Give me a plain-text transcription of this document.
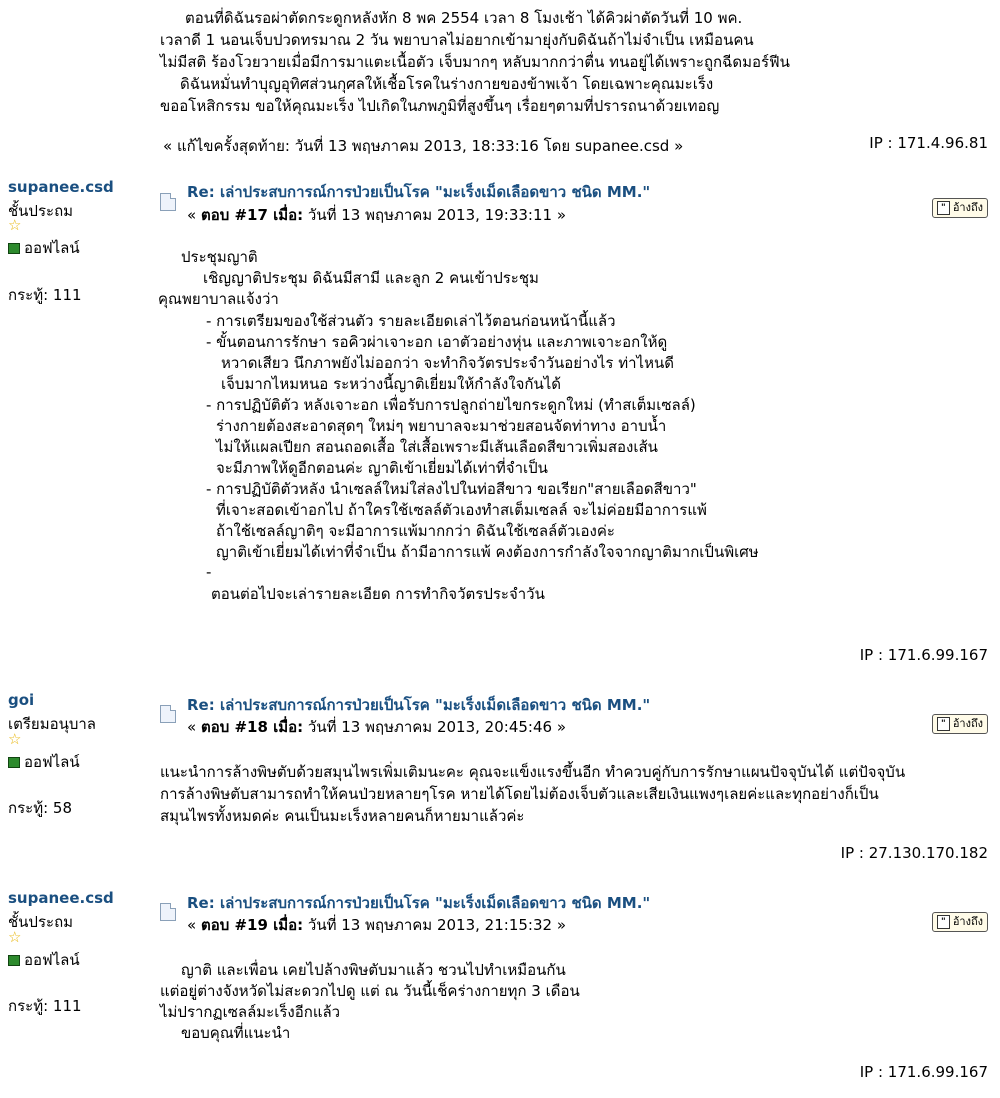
ตอนที่ดิฉันรอผ่าตัดกระดูกหลังหัก 8 พค 2554 เวลา 8 โมงเช้า ได้คิวผ่าตัดวันที่ 10 พค.
เวลาดี 1 นอนเจ็บปวดทรมาณ 2 วัน พยาบาลไม่อยากเข้ามายุ่งกับดิฉันถ้าไม่จำเป็น เหมือนคน
ไม่มีสติ ร้องโวยวายเมื่อมีการมาแตะเนื้อตัว เจ็บมากๆ หลับมากกว่าตื่น ทนอยู่ได้เพราะถูกฉีดมอร์ฟีน
ดิฉันหมั่นทำบุญอุทิศส่วนกุศลให้เชื้อโรคในร่างกายของข้าพเจ้า โดยเฉพาะคุณมะเร็ง
ขออโหสิกรรม ขอให้คุณมะเร็ง ไปเกิดในภพภูมิที่สูงขึ้นๆ เรื่อยๆตามที่ปรารถนาด้วยเทอญ
« แก้ไขครั้งสุดท้าย: วันที่ 13 พฤษภาคม 2013, 18:33:16 โดย supanee.csd »	IP : 171.4.96.81
supanee.csd
ชั้นประถม
☆
ออฟไลน์
กระทู้: 111
Re: เล่าประสบการณ์การป่วยเป็นโรค "มะเร็งเม็ดเลือดขาว ชนิด MM."
« ตอบ #17 เมื่อ: วันที่ 13 พฤษภาคม 2013, 19:33:11 »	" อ้างถึง
ประชุมญาติ
เชิญญาติประชุม ดิฉันมีสามี และลูก 2 คนเข้าประชุม
คุณพยาบาลแจ้งว่า
- การเตรียมของใช้ส่วนตัว รายละเอียดเล่าไว้ตอนก่อนหน้านี้แล้ว
- ขั้นตอนการรักษา รอคิวผ่าเจาะอก เอาตัวอย่างหุ่น และภาพเจาะอกให้ดู
หวาดเสียว นึกภาพยังไม่ออกว่า จะทำกิจวัตรประจำวันอย่างไร ท่าไหนดี
เจ็บมากไหมหนอ ระหว่างนี้ญาติเยี่ยมให้กำลังใจกันได้
- การปฏิบัติตัว หลังเจาะอก เพื่อรับการปลูกถ่ายไขกระดูกใหม่ (ทำสเต็มเซลล์)
ร่างกายต้องสะอาดสุดๆ ใหม่ๆ พยาบาลจะมาช่วยสอนจัดท่าทาง อาบน้ำ
ไม่ให้แผลเปียก สอนถอดเสื้อ ใส่เสื้อเพราะมีเส้นเลือดสีขาวเพิ่มสองเส้น
จะมีภาพให้ดูอีกตอนค่ะ ญาติเข้าเยี่ยมได้เท่าที่จำเป็น
- การปฏิบัติตัวหลัง นำเซลล์ใหม่ใส่ลงไปในท่อสีขาว ขอเรียก"สายเลือดสีขาว"
ที่เจาะสอดเข้าอกไป ถ้าใครใช้เซลล์ตัวเองทำสเต็มเซลล์ จะไม่ค่อยมีอาการแพ้
ถ้าใช้เซลล์ญาติๆ จะมีอาการแพ้มากกว่า ดิฉันใช้เซลล์ตัวเองค่ะ
ญาติเข้าเยี่ยมได้เท่าที่จำเป็น ถ้ามีอาการแพ้ คงต้องการกำลังใจจากญาติมากเป็นพิเศษ
-
ตอนต่อไปจะเล่ารายละเอียด การทำกิจวัตรประจำวัน
IP : 171.6.99.167
goi
เตรียมอนุบาล
☆
ออฟไลน์
กระทู้: 58
Re: เล่าประสบการณ์การป่วยเป็นโรค "มะเร็งเม็ดเลือดขาว ชนิด MM."
« ตอบ #18 เมื่อ: วันที่ 13 พฤษภาคม 2013, 20:45:46 »	" อ้างถึง
แนะนำการล้างพิษตับด้วยสมุนไพรเพิ่มเติมนะคะ คุณจะแข็งแรงขึ้นอีก ทำควบคู่กับการรักษาแผนปัจจุบันได้ แต่ปัจจุบัน
การล้างพิษตับสามารถทำให้คนป่วยหลายๆโรค หายได้โดยไม่ต้องเจ็บตัวและเสียเงินแพงๆเลยค่ะและทุกอย่างก็เป็น
สมุนไพรทั้งหมดค่ะ คนเป็นมะเร็งหลายคนก็หายมาแล้วค่ะ
IP : 27.130.170.182
supanee.csd
ชั้นประถม
☆
ออฟไลน์
กระทู้: 111
Re: เล่าประสบการณ์การป่วยเป็นโรค "มะเร็งเม็ดเลือดขาว ชนิด MM."
« ตอบ #19 เมื่อ: วันที่ 13 พฤษภาคม 2013, 21:15:32 »	" อ้างถึง
ญาติ และเพื่อน เคยไปล้างพิษตับมาแล้ว ชวนไปทำเหมือนกัน
แต่อยู่ต่างจังหวัดไม่สะดวกไปดู แต่ ณ วันนี้เช็คร่างกายทุก 3 เดือน
ไม่ปรากฏเซลล์มะเร็งอีกแล้ว
ขอบคุณที่แนะนำ
IP : 171.6.99.167
